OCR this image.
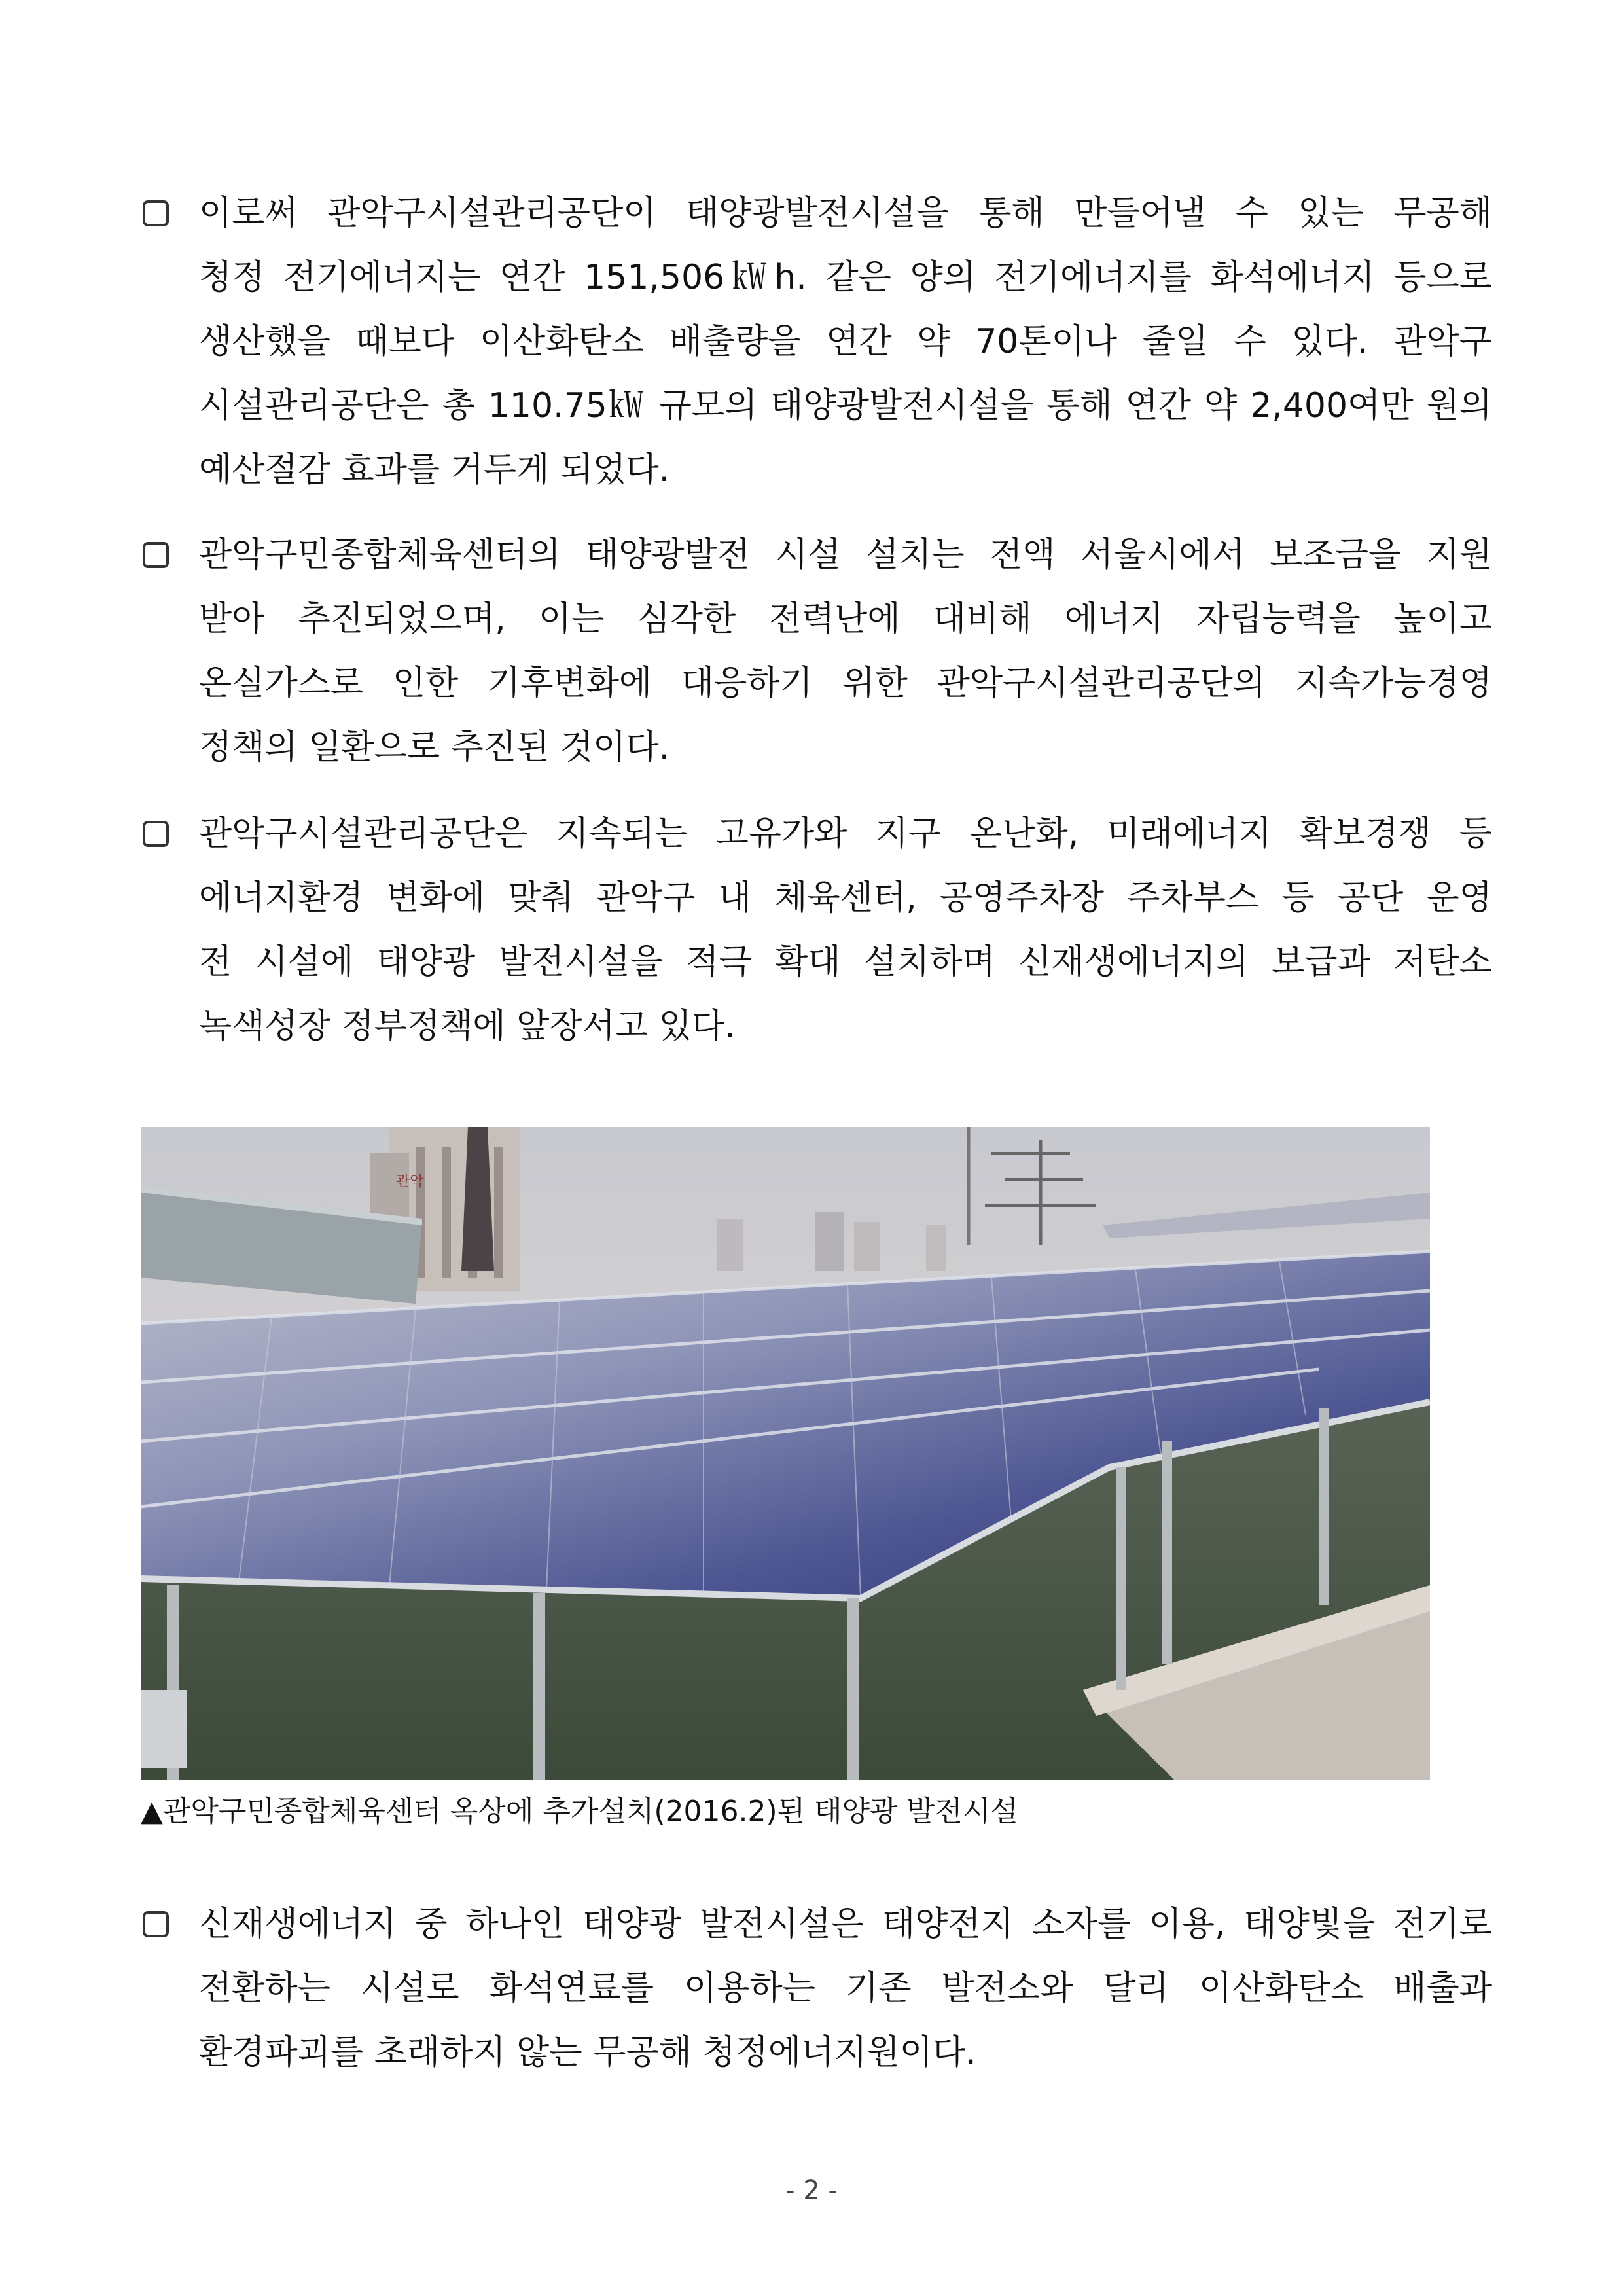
이로써 관악구시설관리공단이 태양광발전시설을 통해 만들어낼 수 있는 무공해
청정 전기에너지는 연간 151,506㎾h. 같은 양의 전기에너지를 화석에너지 등으로
생산했을 때보다 이산화탄소 배출량을 연간 약 70톤이나 줄일 수 있다. 관악구
시설관리공단은 총 110.75㎾ 규모의 태양광발전시설을 통해 연간 약 2,400여만 원의
예산절감 효과를 거두게 되었다.
관악구민종합체육센터의 태양광발전 시설 설치는 전액 서울시에서 보조금을 지원
받아 추진되었으며, 이는 심각한 전력난에 대비해 에너지 자립능력을 높이고
온실가스로 인한 기후변화에 대응하기 위한 관악구시설관리공단의 지속가능경영
정책의 일환으로 추진된 것이다.
관악구시설관리공단은 지속되는 고유가와 지구 온난화, 미래에너지 확보경쟁 등
에너지환경 변화에 맞춰 관악구 내 체육센터, 공영주차장 주차부스 등 공단 운영
전 시설에 태양광 발전시설을 적극 확대 설치하며 신재생에너지의 보급과 저탄소
녹색성장 정부정책에 앞장서고 있다.
관악
▲관악구민종합체육센터 옥상에 추가설치(2016.2)된 태양광 발전시설
신재생에너지 중 하나인 태양광 발전시설은 태양전지 소자를 이용, 태양빛을 전기로
전환하는 시설로 화석연료를 이용하는 기존 발전소와 달리 이산화탄소 배출과
환경파괴를 초래하지 않는 무공해 청정에너지원이다.
- 2 -
